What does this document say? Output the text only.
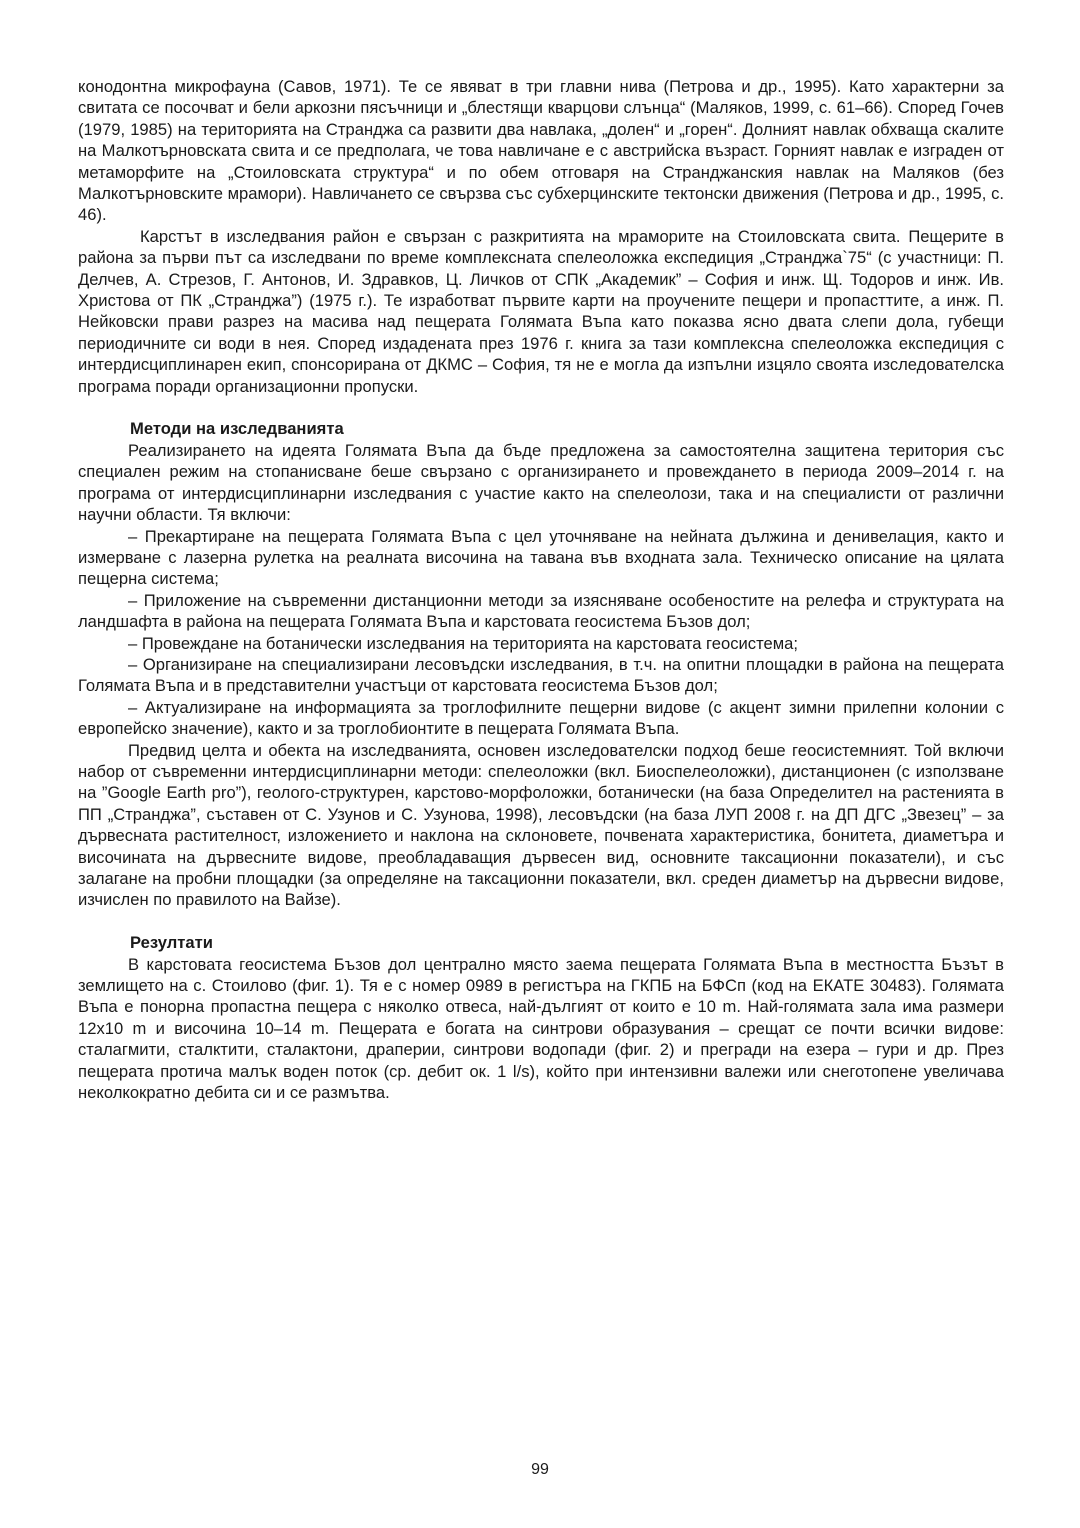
конодонтна микрофауна (Савов, 1971). Те се явяват в три главни нива (Петрова и др., 1995). Като характерни за свитата се посочват и бели аркозни пясъчници и „блестящи кварцови слънца“ (Маляков, 1999, с. 61–66). Според Гочев (1979, 1985) на територията на Странджа са развити два навлака, „долен“ и „горен“. Долният навлак обхваща скалите на Малкотърновската свита и се предполага, че това навличане е с австрийска възраст. Горният навлак е изграден от метаморфите на „Стоиловската структура“ и по обем отговаря на Странджанския навлак на Маляков (без Малкотърновските мрамори). Навличането се свързва със субхерцинските тектонски движения (Петрова и др., 1995, с. 46).

Карстът в изследвания район е свързан с разкритията на мраморите на Стоиловската свита. Пещерите в района за първи път са изследвани по време комплексната спелеоложка експедиция „Странджа`75“ (с участници: П. Делчев, А. Стрезов, Г. Антонов, И. Здравков, Ц. Личков от СПК „Академик” – София и инж. Щ. Тодоров и инж. Ив. Христова от ПК „Странджа”) (1975 г.). Те изработват първите карти на проучените пещери и пропасттите, а инж. П. Нейковски прави разрез на масива над пещерата Голямата Въпа като показва ясно двата слепи дола, губещи периодичните си води в нея. Според издадената през 1976 г. книга за тази комплексна спелеоложка експедиция с интердисциплинарен екип, спонсорирана от ДКМС – София, тя не е могла да изпълни изцяло своята изследователска програма поради организационни пропуски.

Методи на изследванията

Реализирането на идеята Голямата Въпа да бъде предложена за самостоятелна защитена територия със специален режим на стопанисване беше свързано с организирането и провеждането в периода 2009–2014 г. на програма от интердисциплинарни изследвания с участие както на спелеолози, така и на специалисти от различни научни области. Тя включи:

– Прекартиране на пещерата Голямата Въпа с цел уточняване на нейната дължина и денивелация, както и измерване с лазерна рулетка на реалната височина на тавана във входната зала. Техническо описание на цялата пещерна система;

– Приложение на съвременни дистанционни методи за изясняване особеностите на релефа и структурата на ландшафта в района на пещерата Голямата Въпа и карстовата геосистема Бъзов дол;

– Провеждане на ботанически изследвания на територията на карстовата геосистема;

– Организиране на специализирани лесовъдски изследвания, в т.ч. на опитни площадки в района на пещерата Голямата Въпа и в представителни участъци от карстовата геосистема Бъзов дол;

– Актуализиране на информацията за троглофилните пещерни видове (с акцент зимни прилепни колонии с европейско значение), както и за троглобионтите в пещерата Голямата Въпа.

Предвид целта и обекта на изследванията, основен изследователски подход беше геосистемният. Той включи набор от съвременни интердисциплинарни методи: спелеоложки (вкл. Биоспелеоложки), дистанционен (с използване на ”Google Earth pro”), геолого-структурен, карстово-морфоложки, ботанически (на база Определител на растенията в ПП „Странджа”, съставен от С. Узунов и С. Узунова, 1998), лесовъдски (на база ЛУП 2008 г. на ДП ДГС „Звезец” – за дървесната растителност, изложението и наклона на склоновете, почвената характеристика, бонитета, диаметъра и височината на дървесните видове, преобладаващия дървесен вид, основните таксационни показатели), и със залагане на пробни площадки (за определяне на таксационни показатели, вкл. среден диаметър на дървесни видове, изчислен по правилото на Вайзе).

Резултати

В карстовата геосистема Бъзов дол централно място заема пещерата Голямата Въпа в местността Бъзът в землището на с. Стоилово (фиг. 1). Тя е с номер 0989 в регистъра на ГКПБ на БФСп (код на ЕКАТЕ 30483). Голямата Въпа е понорна пропастна пещера с няколко отвеса, най-дългият от които е 10 m. Най-голямата зала има размери 12х10 m и височина 10–14 m. Пещерата е богата на синтрови образувания – срещат се почти всички видове: сталагмити, сталктити, сталактони, драперии, синтрови водопади (фиг. 2) и прегради на езера – гури и др. През пещерата протича малък воден поток (ср. дебит ок. 1 l/s), който при интензивни валежи или снеготопене увеличава неколкократно дебита си и се размътва.

99
